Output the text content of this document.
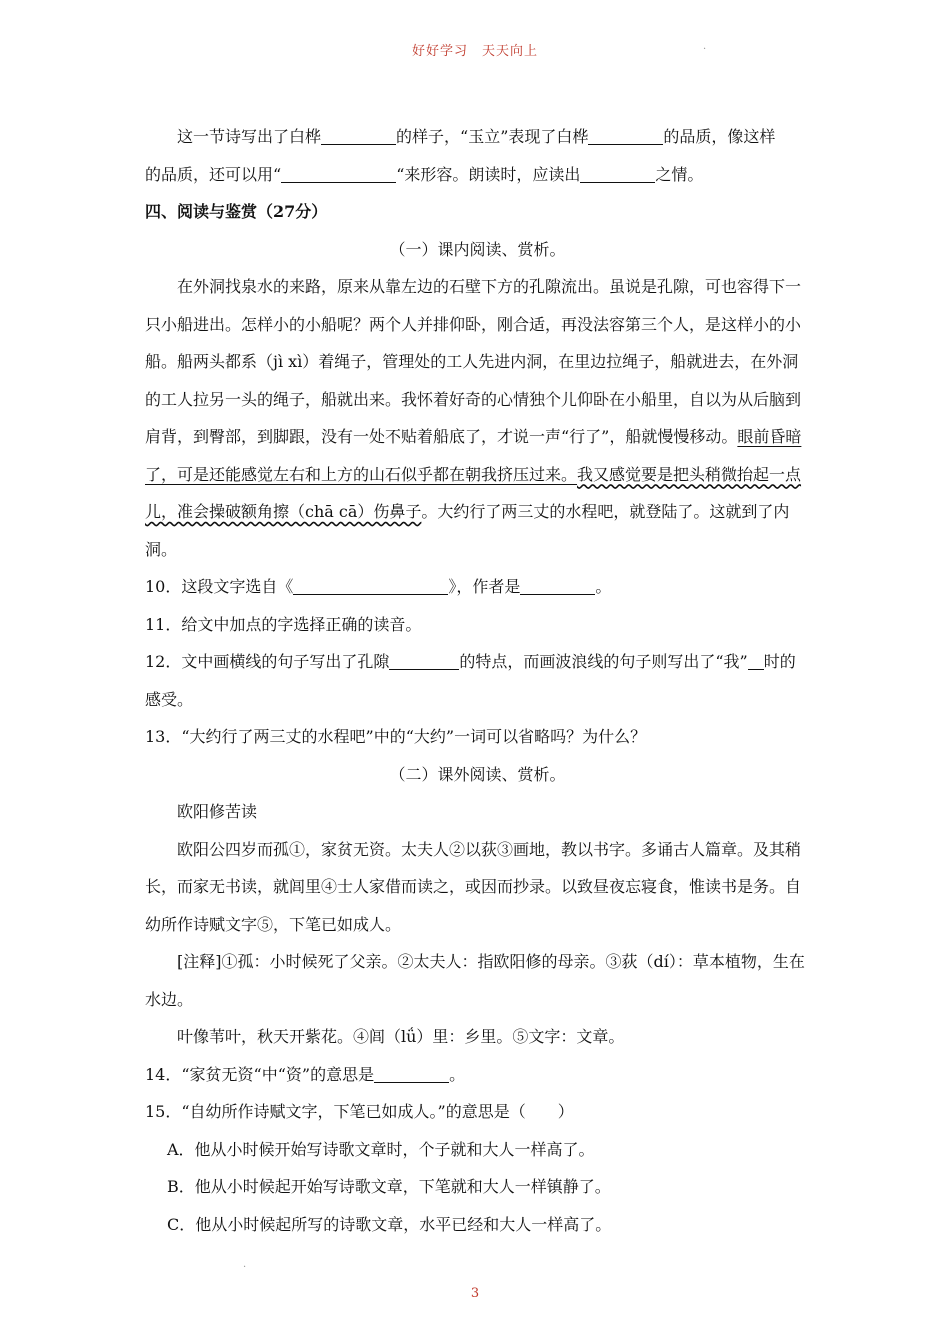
好好学习　天天向上	·
·

这一节诗写出了白桦	的样子，“玉立”表现了白桦	的品质，像这样
的品质，还可以用“	“来形容。朗读时，应读出	之情。

四、阅读与鉴赏（27分）

（一）课内阅读、赏析。

在外洞找泉水的来路，原来从靠左边的石壁下方的孔隙流出。虽说是孔隙，可也容得下一只小船进出。怎样小的小船呢？两个人并排仰卧，刚合适，再没法容第三个人，是这样小的小船。船两头都系（jì xì）着绳子，管理处的工人先进内洞，在里边拉绳子，船就进去，在外洞的工人拉另一头的绳子，船就出来。我怀着好奇的心情独个儿仰卧在小船里，自以为从后脑到肩背，到臀部，到脚跟，没有一处不贴着船底了，才说一声“行了”，船就慢慢移动。眼前昏暗了，可是还能感觉左右和上方的山石似乎都在朝我挤压过来。我又感觉要是把头稍微抬起一点儿，准会操破额角擦（chā cā）伤鼻子。大约行了两三丈的水程吧，就登陆了。这就到了内洞。

10．这段文字选自《	》，作者是	。

11．给文中加点的字选择正确的读音。

12．文中画横线的句子写出了孔隙	的特点，而画波浪线的句子则写出了“我” 时的感受。

13．“大约行了两三丈的水程吧”中的“大约”一词可以省略吗？为什么？

（二）课外阅读、赏析。

欧阳修苦读

欧阳公四岁而孤①，家贫无资。太夫人②以荻③画地，教以书字。多诵古人篇章。及其稍长，而家无书读，就闾里④士人家借而读之，或因而抄录。以致昼夜忘寝食，惟读书是务。自幼所作诗赋文字⑤，下笔已如成人。

[注释]①孤：小时候死了父亲。②太夫人：指欧阳修的母亲。③荻（dí）：草本植物，生在水边。

叶像苇叶，秋天开紫花。④闾（lǘ）里：乡里。⑤文字：文章。

14．“家贫无资“中“资”的意思是	。

15．“自幼所作诗赋文字，下笔已如成人。”的意思是（　　）

A．他从小时候开始写诗歌文章时，个子就和大人一样高了。

B．他从小时候起开始写诗歌文章，下笔就和大人一样镇静了。

C．他从小时候起所写的诗歌文章，水平已经和大人一样高了。

3
